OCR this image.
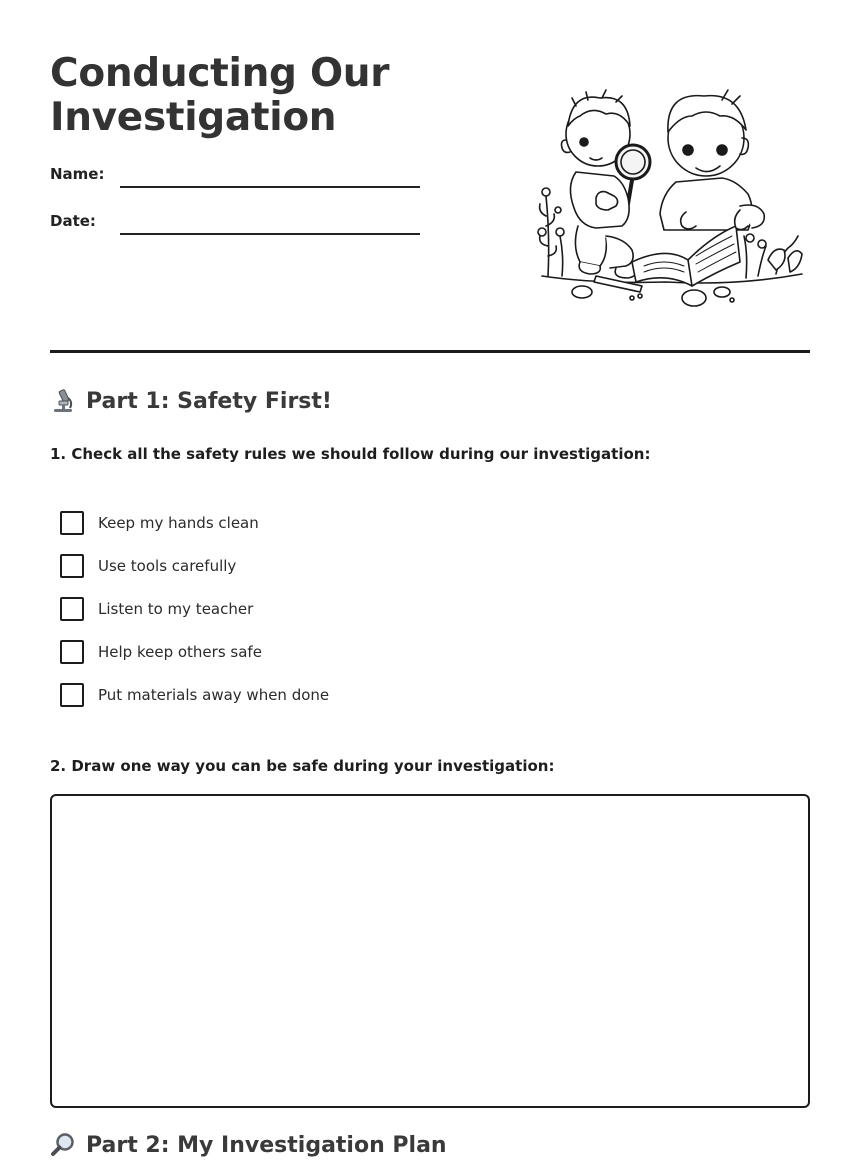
Conducting Our
Investigation
Name:
Date:
Part 1: Safety First!
1. Check all the safety rules we should follow during our investigation:
Keep my hands clean
Use tools carefully
Listen to my teacher
Help keep others safe
Put materials away when done
2. Draw one way you can be safe during your investigation:
Part 2: My Investigation Plan
